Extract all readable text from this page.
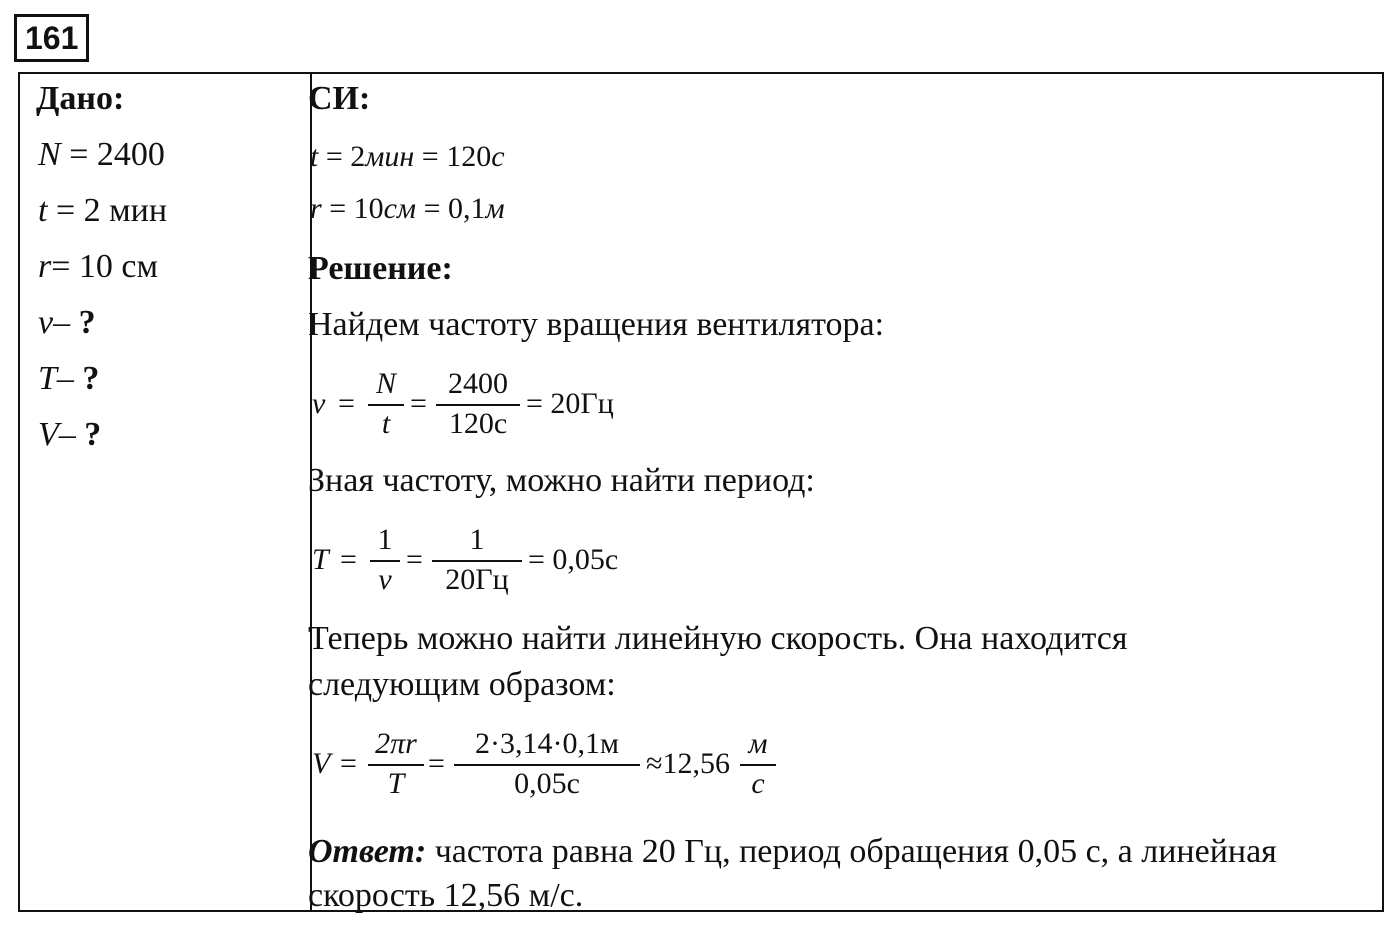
161
Дано:
N = 2400
t = 2 мин
r= 10 см
ν– ?
T– ?
V– ?
СИ:
t = 2мин = 120с
r = 10см = 0,1м
Решение:
Найдем частоту вращения вентилятора:
ν =
N
t
=
2400
120с
= 20Гц
Зная частоту, можно найти период:
T =
1
ν
=
1
20Гц
= 0,05с
Теперь можно найти линейную скорость. Она находится
следующим образом:
V =
2πr
T
=
2·3,14·0,1м
0,05с
≈12,56
м
с
Ответ: частота равна 20 Гц, период обращения 0,05 с, а линейная скорость 12,56 м/с.
